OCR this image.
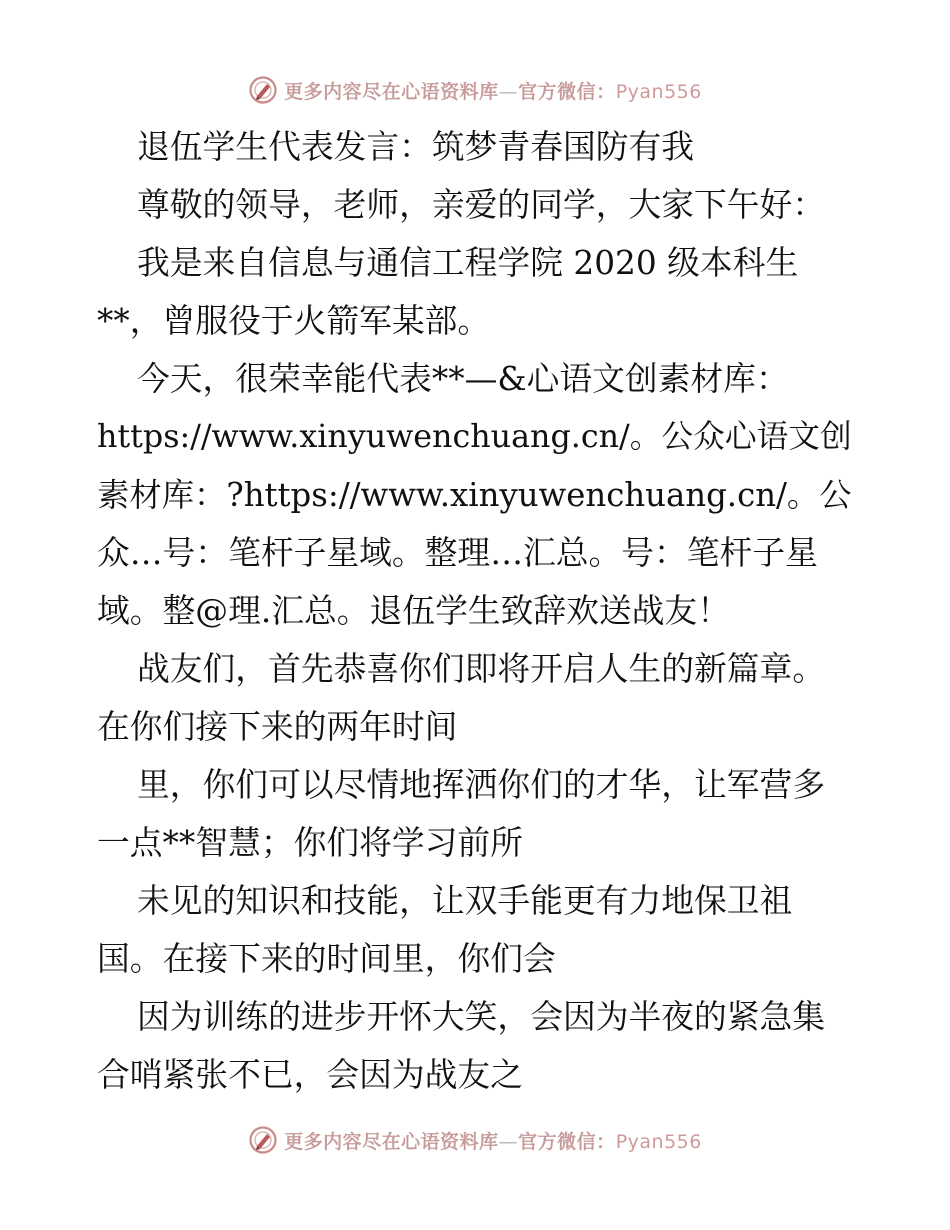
更多内容尽在心语资料库—官方微信：Pyan556
退伍学生代表发言：筑梦青春国防有我
尊敬的领导，老师，亲爱的同学，大家下午好：
我是来自信息与通信工程学院 2020 级本科生
**，曾服役于火箭军某部。
今天，很荣幸能代表**—&心语文创素材库：
https://www.xinyuwenchuang.cn/。公众心语文创
素材库：?https://www.xinyuwenchuang.cn/。公
众…号：笔杆子星域。整理…汇总。号：笔杆子星
域。整@理.汇总。退伍学生致辞欢送战友！
战友们，首先恭喜你们即将开启人生的新篇章。
在你们接下来的两年时间
里，你们可以尽情地挥洒你们的才华，让军营多
一点**智慧；你们将学习前所
未见的知识和技能，让双手能更有力地保卫祖
国。在接下来的时间里，你们会
因为训练的进步开怀大笑，会因为半夜的紧急集
合哨紧张不已，会因为战友之
更多内容尽在心语资料库—官方微信：Pyan556
